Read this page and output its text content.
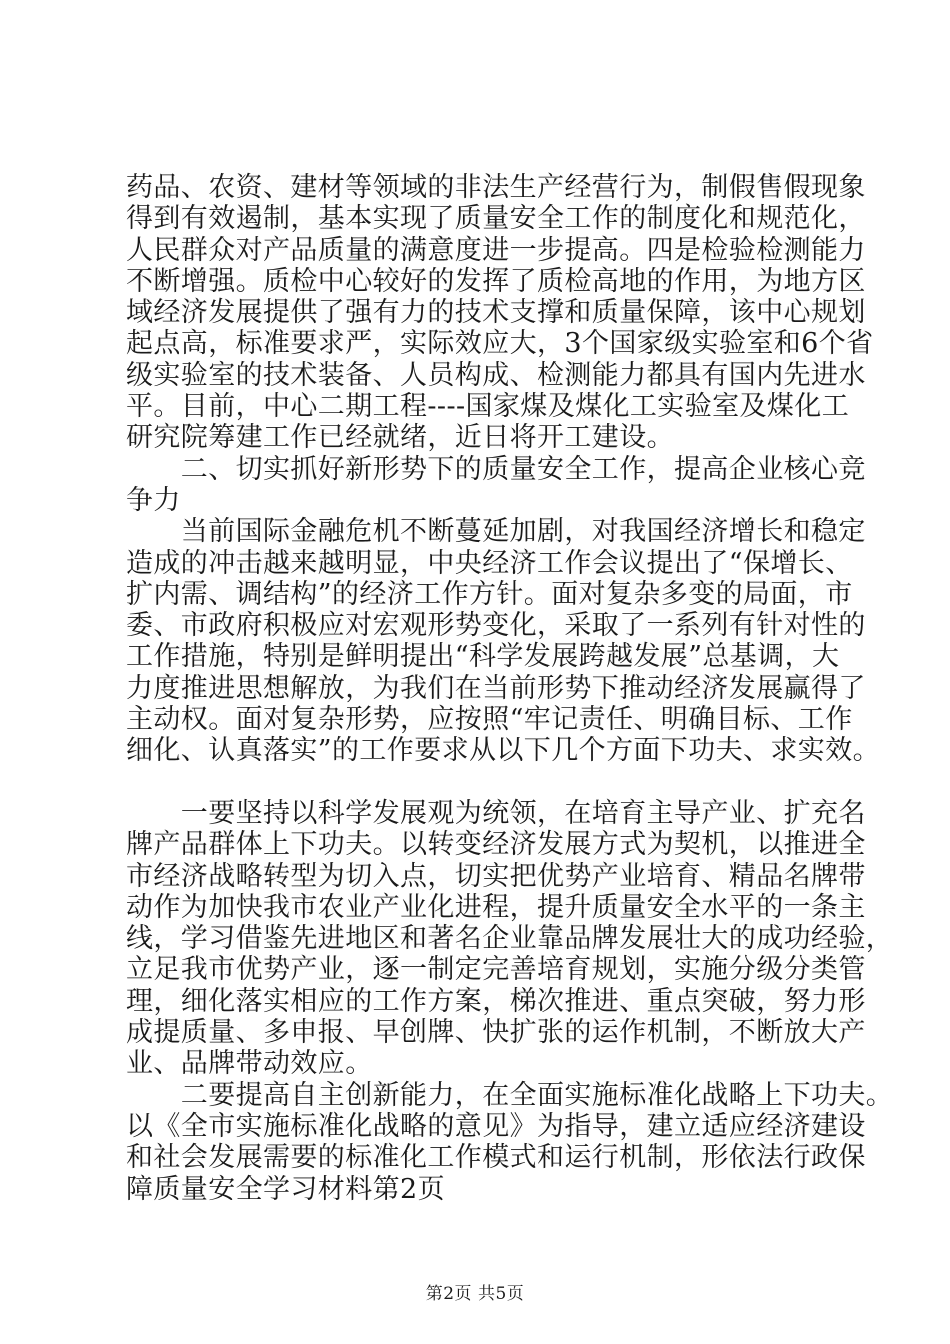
药品、农资、建材等领域的非法生产经营行为，制假售假现象
得到有效遏制，基本实现了质量安全工作的制度化和规范化，
人民群众对产品质量的满意度进一步提高。四是检验检测能力
不断增强。质检中心较好的发挥了质检高地的作用，为地方区
域经济发展提供了强有力的技术支撑和质量保障，该中心规划
起点高，标准要求严，实际效应大，3个国家级实验室和6个省
级实验室的技术装备、人员构成、检测能力都具有国内先进水
平。目前，中心二期工程----国家煤及煤化工实验室及煤化工
研究院筹建工作已经就绪，近日将开工建设。
　　二、切实抓好新形势下的质量安全工作，提高企业核心竞
争力
　　当前国际金融危机不断蔓延加剧，对我国经济增长和稳定
造成的冲击越来越明显，中央经济工作会议提出了“保增长、
扩内需、调结构”的经济工作方针。面对复杂多变的局面，市
委、市政府积极应对宏观形势变化，采取了一系列有针对性的
工作措施，特别是鲜明提出“科学发展跨越发展”总基调，大
力度推进思想解放，为我们在当前形势下推动经济发展赢得了
主动权。面对复杂形势，应按照“牢记责任、明确目标、工作
细化、认真落实”的工作要求从以下几个方面下功夫、求实效。
　　一要坚持以科学发展观为统领，在培育主导产业、扩充名
牌产品群体上下功夫。以转变经济发展方式为契机，以推进全
市经济战略转型为切入点，切实把优势产业培育、精品名牌带
动作为加快我市农业产业化进程，提升质量安全水平的一条主
线，学习借鉴先进地区和著名企业靠品牌发展壮大的成功经验，
立足我市优势产业，逐一制定完善培育规划，实施分级分类管
理，细化落实相应的工作方案，梯次推进、重点突破，努力形
成提质量、多申报、早创牌、快扩张的运作机制，不断放大产
业、品牌带动效应。
　　二要提高自主创新能力，在全面实施标准化战略上下功夫。
以《全市实施标准化战略的意见》为指导，建立适应经济建设
和社会发展需要的标准化工作模式和运行机制，形依法行政保
障质量安全学习材料第2页
第2页 共5页
